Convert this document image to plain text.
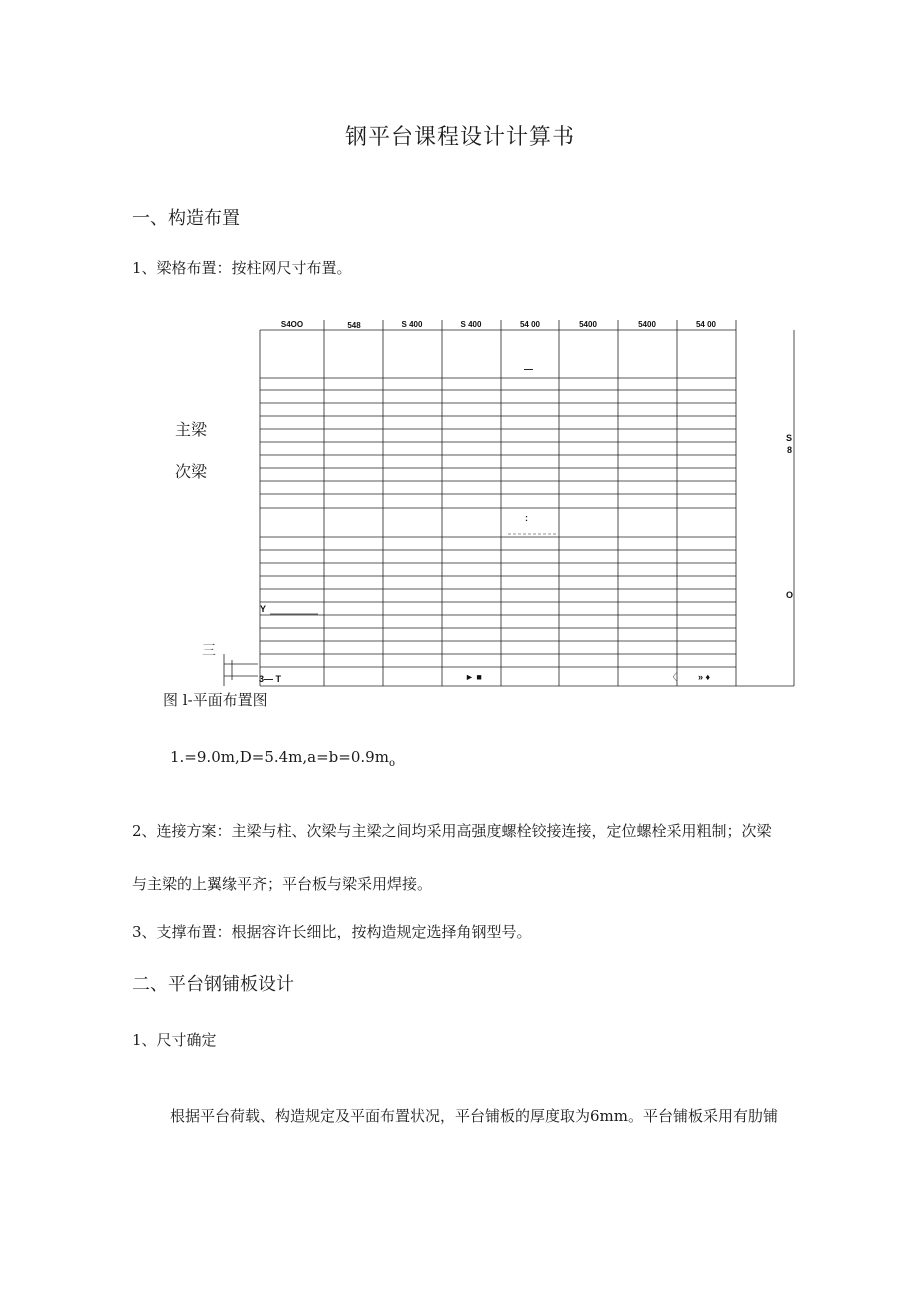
钢平台课程设计计算书
一、构造布置
1、梁格布置：按柱网尺寸布置。
S4OO	548	S 400	S 400	54 00	5400	5400	54 00
—
:
Y
S
8
O
3— T	► ■	〈 » ♦
主梁
次梁
三
图 l-平面布置图
$1.=9.0m,D=5.4m,a=b=0.9m_o$
2、连接方案：主梁与柱、次梁与主梁之间均采用高强度螺栓铰接连接，定位螺栓采用粗制；次梁
与主梁的上翼缘平齐；平台板与梁采用焊接。
3、支撑布置：根据容许长细比，按构造规定选择角钢型号。
二、平台钢铺板设计
1、尺寸确定
根据平台荷载、构造规定及平面布置状况，平台铺板的厚度取为6mm。平台铺板采用有肋铺
